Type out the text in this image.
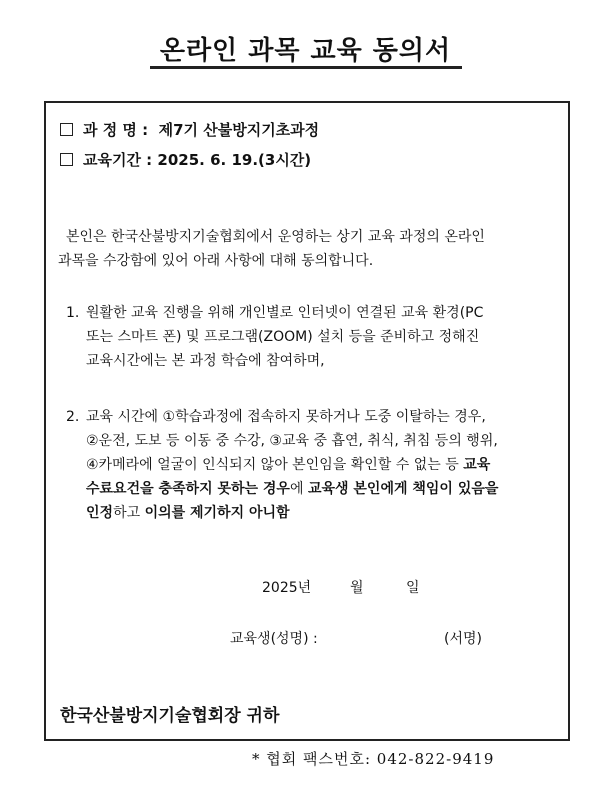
온라인 과목 교육 동의서
과 정 명 : 제7기 산불방지기초과정
교육기간 : 2025. 6. 19.(3시간)
본인은 한국산불방지기술협회에서 운영하는 상기 교육 과정의 온라인
과목을 수강함에 있어 아래 사항에 대해 동의합니다.
1. 원활한 교육 진행을 위해 개인별로 인터넷이 연결된 교육 환경(PC
또는 스마트 폰) 및 프로그램(ZOOM) 설치 등을 준비하고 정해진
교육시간에는 본 과정 학습에 참여하며,
2. 교육 시간에 ①학습과정에 접속하지 못하거나 도중 이탈하는 경우,
②운전, 도보 등 이동 중 수강, ③교육 중 흡연, 취식, 취침 등의 행위,
④카메라에 얼굴이 인식되지 않아 본인임을 확인할 수 없는 등 교육
수료요건을 충족하지 못하는 경우에 교육생 본인에게 책임이 있음을
인정하고 이의를 제기하지 아니함
2025년	월	일
교육생(성명) :	(서명)
한국산불방지기술협회장 귀하
* 협회 팩스번호: 042-822-9419
